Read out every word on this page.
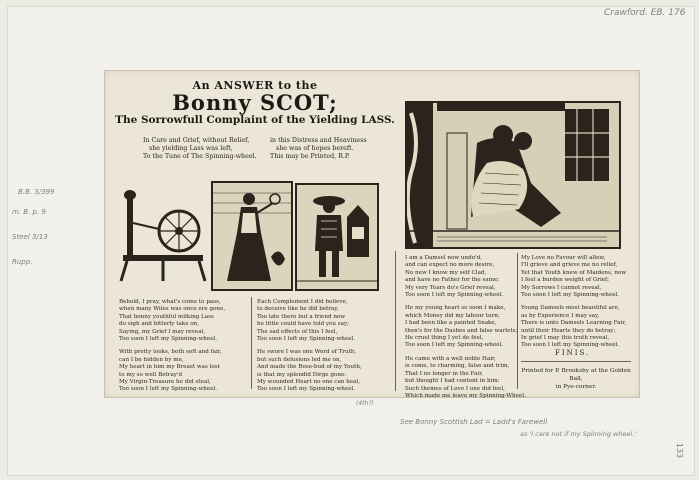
Crawford. EB. 176
B.B. 3/399
m. B. p. 9
Steel 3/13
Rupp.
(4th?)
See Bonny Scottish Lad = Ladd's Farewell
as 'I care not if my Spinning wheel.'
133
An ANSWER to the
Bonny SCOT;
The Sorrowfull Complaint of the Yielding LASS.
In Care and Grief, without Relief,
she yielding Lass was left,
To the Tune of The Spinning-wheel.
in this Distress and Heaviness
she was of hopes bereft.
This may be Printed, R.P.
Behold, I pray, what's come to pass,
when many Wiles was once ere gone,
That bonny youthful milking Lass
do sigh and bitterly take on,
Saying, my Grief I may reveal,
Too soon I left my Spinning-wheel.
With pretty looks, both soft and fair,
can I be hidden by me,
My heart in him my Breast was lost
to my so well Betray'd
My Virgin-Treasure he did steal,
Too soon I left my Spinning-wheel.
Each Complement I did believe,
to deceive like he did betray,
Too late there but a friend now
he little could have told you say;
The sad effects of this I feel,
Too soon I left my Spinning-wheel.
He swore I was one Word of Truth,
but such delusions led me on,
And made the Rose-bud of my Youth,
is that my splendid Dirge gone:
My wounded Heart no one can heal,
Too soon I left my Spinning-wheel.
I am a Damsel now undo'd,
and can expect no more desire,
No new I know my self Clad,
and have no Father for the same;
My very Tears do's Grief reveal,
Too soon I left my Spinning-wheel.
He my young heart so soon I make,
which Money did my labour turn;
I had been like a painted Snake,
then's for the Dashes and false warlets;
He cruel thing I yet do feel,
Too soon I left my Spinning-wheel.
He came with a well noble Hair,
is come, to charming, false and trim,
That I no longer in the Fair,
but thought I had content in him:
Such themes of Love I one did feel,
Which made me leave my Spinning-Wheel.
My Love no Favour will allow,
I'll grieve and grieve me no relief,
Yet that Youth knew of Maidens, now
I feel a burden weight of Grief;
My Sorrows I cannot reveal,
Too soon I left my Spinning-wheel.
Young Damsels most beautiful are,
as by Experience I may say,
There is unto Damsels Learning Fair,
until their Hearts they do betray;
In grief I may this truth reveal,
Too soon I left my Spinning-wheel.
FINIS.
Printed for P. Brooksby at the Golden Ball,
in Pye-corner.
